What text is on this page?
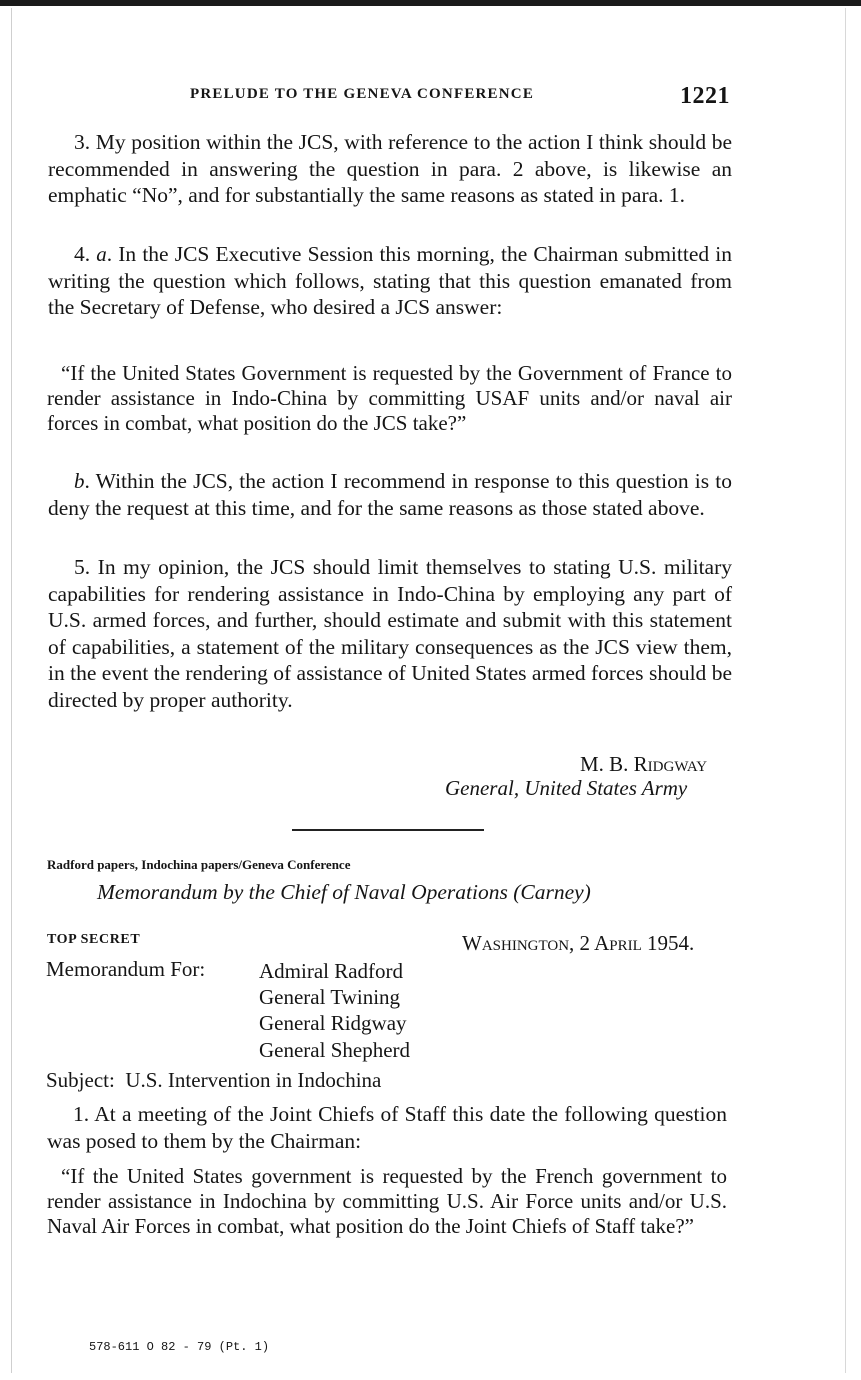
PRELUDE TO THE GENEVA CONFERENCE	1221

3. My position within the JCS, with reference to the action I think should be recommended in answering the question in para. 2 above, is likewise an emphatic “No”, and for substantially the same reasons as stated in para. 1.

4. a. In the JCS Executive Session this morning, the Chairman submitted in writing the question which follows, stating that this question emanated from the Secretary of Defense, who desired a JCS answer:

“If the United States Government is requested by the Government of France to render assistance in Indo-China by committing USAF units and/or naval air forces in combat, what position do the JCS take?”

b. Within the JCS, the action I recommend in response to this question is to deny the request at this time, and for the same reasons as those stated above.

5. In my opinion, the JCS should limit themselves to stating U.S. military capabilities for rendering assistance in Indo-China by employing any part of U.S. armed forces, and further, should estimate and submit with this statement of capabilities, a statement of the military consequences as the JCS view them, in the event the rendering of assistance of United States armed forces should be directed by proper authority.

M. B. Ridgway
General, United States Army
Radford papers, Indochina papers/Geneva Conference
Memorandum by the Chief of Naval Operations (Carney)
TOP SECRET	Washington, 2 April 1954.
Memorandum For:	Admiral Radford
General Twining
General Ridgway
General Shepherd
Subject: U.S. Intervention in Indochina

1. At a meeting of the Joint Chiefs of Staff this date the following question was posed to them by the Chairman:

“If the United States government is requested by the French government to render assistance in Indochina by committing U.S. Air Force units and/or U.S. Naval Air Forces in combat, what position do the Joint Chiefs of Staff take?”

578-611 O 82 - 79 (Pt. 1)
